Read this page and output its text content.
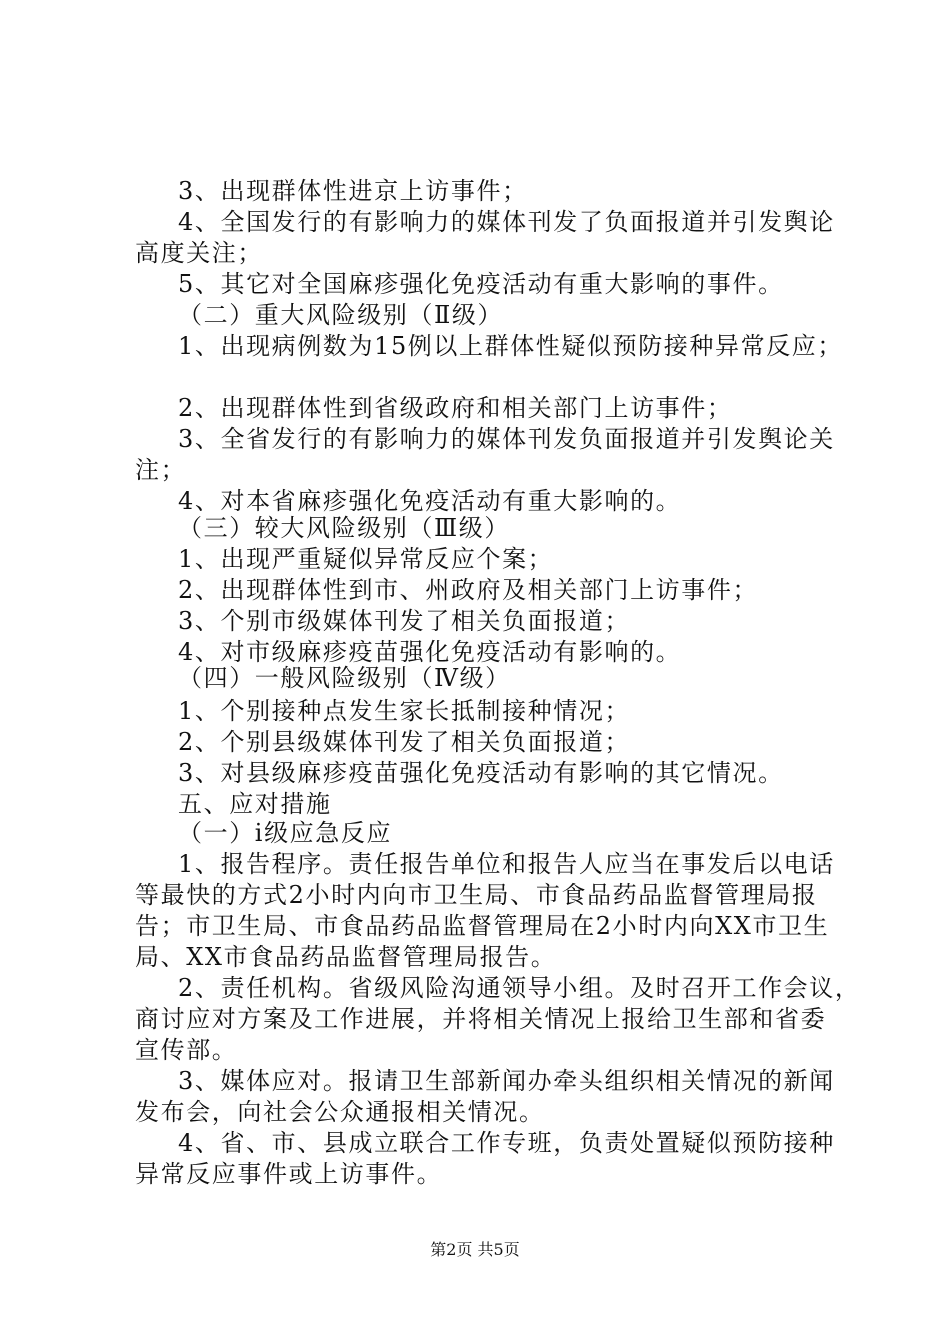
3、出现群体性进京上访事件；
4、全国发行的有影响力的媒体刊发了负面报道并引发舆论
高度关注；
5、其它对全国麻疹强化免疫活动有重大影响的事件。
（二）重大风险级别（Ⅱ级）
1、出现病例数为15例以上群体性疑似预防接种异常反应；
2、出现群体性到省级政府和相关部门上访事件；
3、全省发行的有影响力的媒体刊发负面报道并引发舆论关
注；
4、对本省麻疹强化免疫活动有重大影响的。
（三）较大风险级别（Ⅲ级）
1、出现严重疑似异常反应个案；
2、出现群体性到市、州政府及相关部门上访事件；
3、个别市级媒体刊发了相关负面报道；
4、对市级麻疹疫苗强化免疫活动有影响的。
（四）一般风险级别（Ⅳ级）
1、个别接种点发生家长抵制接种情况；
2、个别县级媒体刊发了相关负面报道；
3、对县级麻疹疫苗强化免疫活动有影响的其它情况。
五、应对措施
（一）ⅰ级应急反应
1、报告程序。责任报告单位和报告人应当在事发后以电话
等最快的方式2小时内向市卫生局、市食品药品监督管理局报
告；市卫生局、市食品药品监督管理局在2小时内向XX市卫生
局、XX市食品药品监督管理局报告。
2、责任机构。省级风险沟通领导小组。及时召开工作会议，
商讨应对方案及工作进展，并将相关情况上报给卫生部和省委
宣传部。
3、媒体应对。报请卫生部新闻办牵头组织相关情况的新闻
发布会，向社会公众通报相关情况。
4、省、市、县成立联合工作专班，负责处置疑似预防接种
异常反应事件或上访事件。
第2页 共5页
